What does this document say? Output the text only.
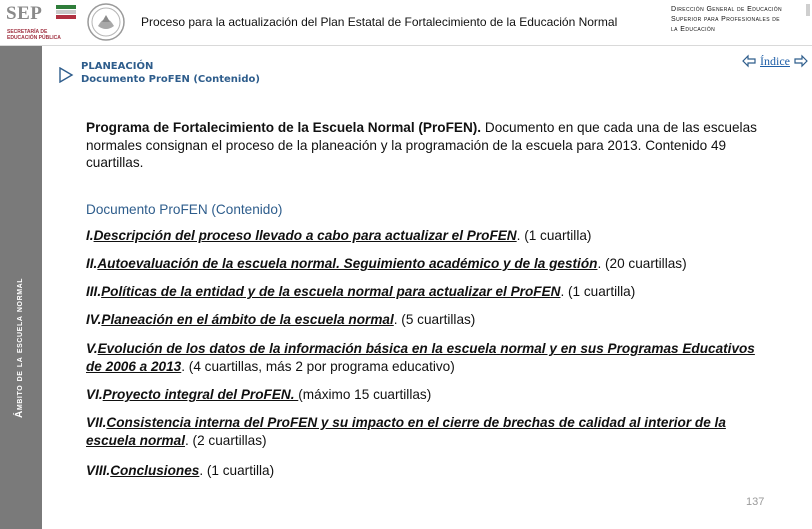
SEP
SECRETARÍA DE EDUCACIÓN PÚBLICA
Proceso para la actualización del Plan Estatal de Fortalecimiento de la Educación Normal
Dirección General de Educación
Superior para Profesionales de
la Educación
Ámbito de la escuela normal
PLANEACIÓN
Documento ProFEN (Contenido)
Índice
Programa de Fortalecimiento de la Escuela Normal (ProFEN). Documento en que cada una de las escuelas normales consignan el proceso de la planeación y la programación de la escuela para 2013. Contenido 49 cuartillas.
Documento ProFEN (Contenido)
I.Descripción del proceso llevado a cabo para actualizar el ProFEN. (1 cuartilla)
II.Autoevaluación de la escuela normal. Seguimiento académico y de la gestión. (20 cuartillas)
III.Políticas de la entidad y de la escuela normal para actualizar el ProFEN. (1 cuartilla)
IV.Planeación en el ámbito de la escuela normal. (5 cuartillas)
V.Evolución de los datos de la información básica en la escuela normal y en sus Programas Educativos de 2006 a 2013. (4 cuartillas, más 2 por programa educativo)
VI.Proyecto integral del ProFEN. (máximo 15 cuartillas)
VII.Consistencia interna del ProFEN y su impacto en el cierre de brechas de calidad al interior de la escuela normal. (2 cuartillas)
VIII.Conclusiones. (1 cuartilla)
137
